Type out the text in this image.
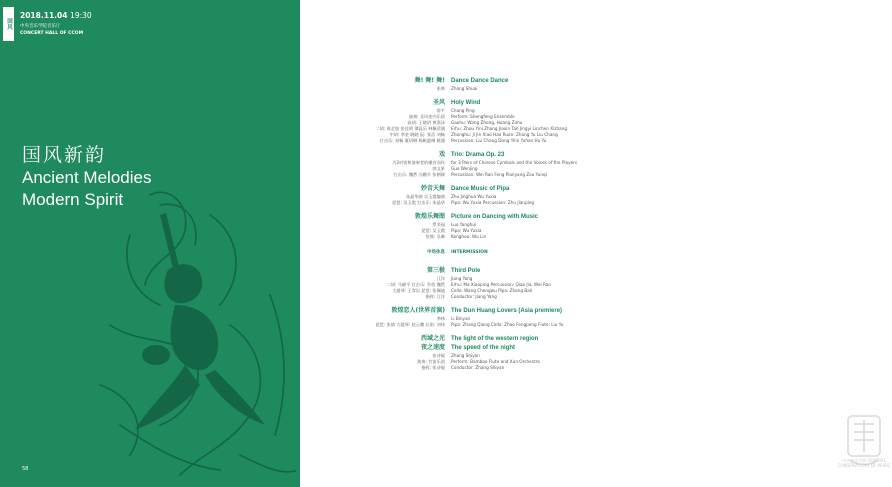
国风
2018.11.04 19:30
中央音乐学院音乐厅
CONCERT HALL OF CCOM
国风新韵
Ancient Melodies
Modern Spirit
58
舞! 舞! 舞! Dance Dance Dance
张帅 Zhang Shuai
圣风 Holy Wind
常平 Chang Ping
演奏: 圣风室内乐团 Perform: Shengfeng Ensemble
高胡: 王晓玥 黄嘉沫 Gaohu: Wang Zhong, Huang Zimu
二胡: 周艺如 张佳明 谭蕊乐 林佩蓓涵 Erhu: Zhou Yini Zhang Jiaxin Tan Jingyi Linchen Xizhang
中胡: 李金 晓晓 阮: 张浩 刘畅 Zhonghu: Ji Jin Xiao Hao Ruan: Zhang Yu Liu Chang
打击乐: 刘畅 董玥琳 杨帆惠琳 姚涵 Percussion: Liu Chang Dong Yilin Yuhan Hu Yu
戏 Trio: Drama Op. 23
为3对钹和演奏者的嗓音而作 for 3 Pairs of Chinese Cymbals and the Voices of the Players
郭文景 Guo Wenjing
打击乐: 魏然 冯鹏羊 张朝瑛 Percussion: Wei Ran Feng Pianyang Zou Yunqi
妙音天舞 Dance Music of Pipa
朱晶华曲 吴玉霞编曲 Zhu Jinghua Wu Yuxia
琵琶: 吴玉霞 打击乐: 朱晶华 Pipa: Wu Yuxia Percussion: Zhu Jianping
敦煌乐舞图 Picture on Dancing with Music
罗炎福 Luo Yanghui
琵琶: 吴玉霞 Pipa: Wu Yuxia
箜篌: 吴琳 Konghou: Wu Lin
中场休息 INTERMISSION
第三极 Third Pole
江洋 Jiang Yang
二胡: 马晓平 打击乐: 乔依 魏然 Erhu: Ma Xiaoping Percussion: Qiao Jia, Wei Ran
大提琴: 王青岩 琵琶: 张佩迪 Cello: Wang Chengwu Pipa: Zhang Bali
指挥: 江洋 Conductor: Jiang Yang
敦煌恋人(世界首演) The Dun Huang Lovers (Asia premiere)
李林 Li Binyan
琵琶: 张倩 大提琴: 赵云鹏 长笛: 刘伟 Pipa: Zhang Qiang Cello: Zhao Fengpeng Flute: Liu Yu
西域之光 The light of the western region
夜之速度 The speed of the night
张诗砚 Zhang Shiyan
演奏: 竹笛乐团 Perform: Bamboo Flute and Xun Orchestra
指挥: 张诗砚 Conductor: Zhang Shiyan
中央音乐学院 CENTRAL CONSERVATORY OF MUSIC
